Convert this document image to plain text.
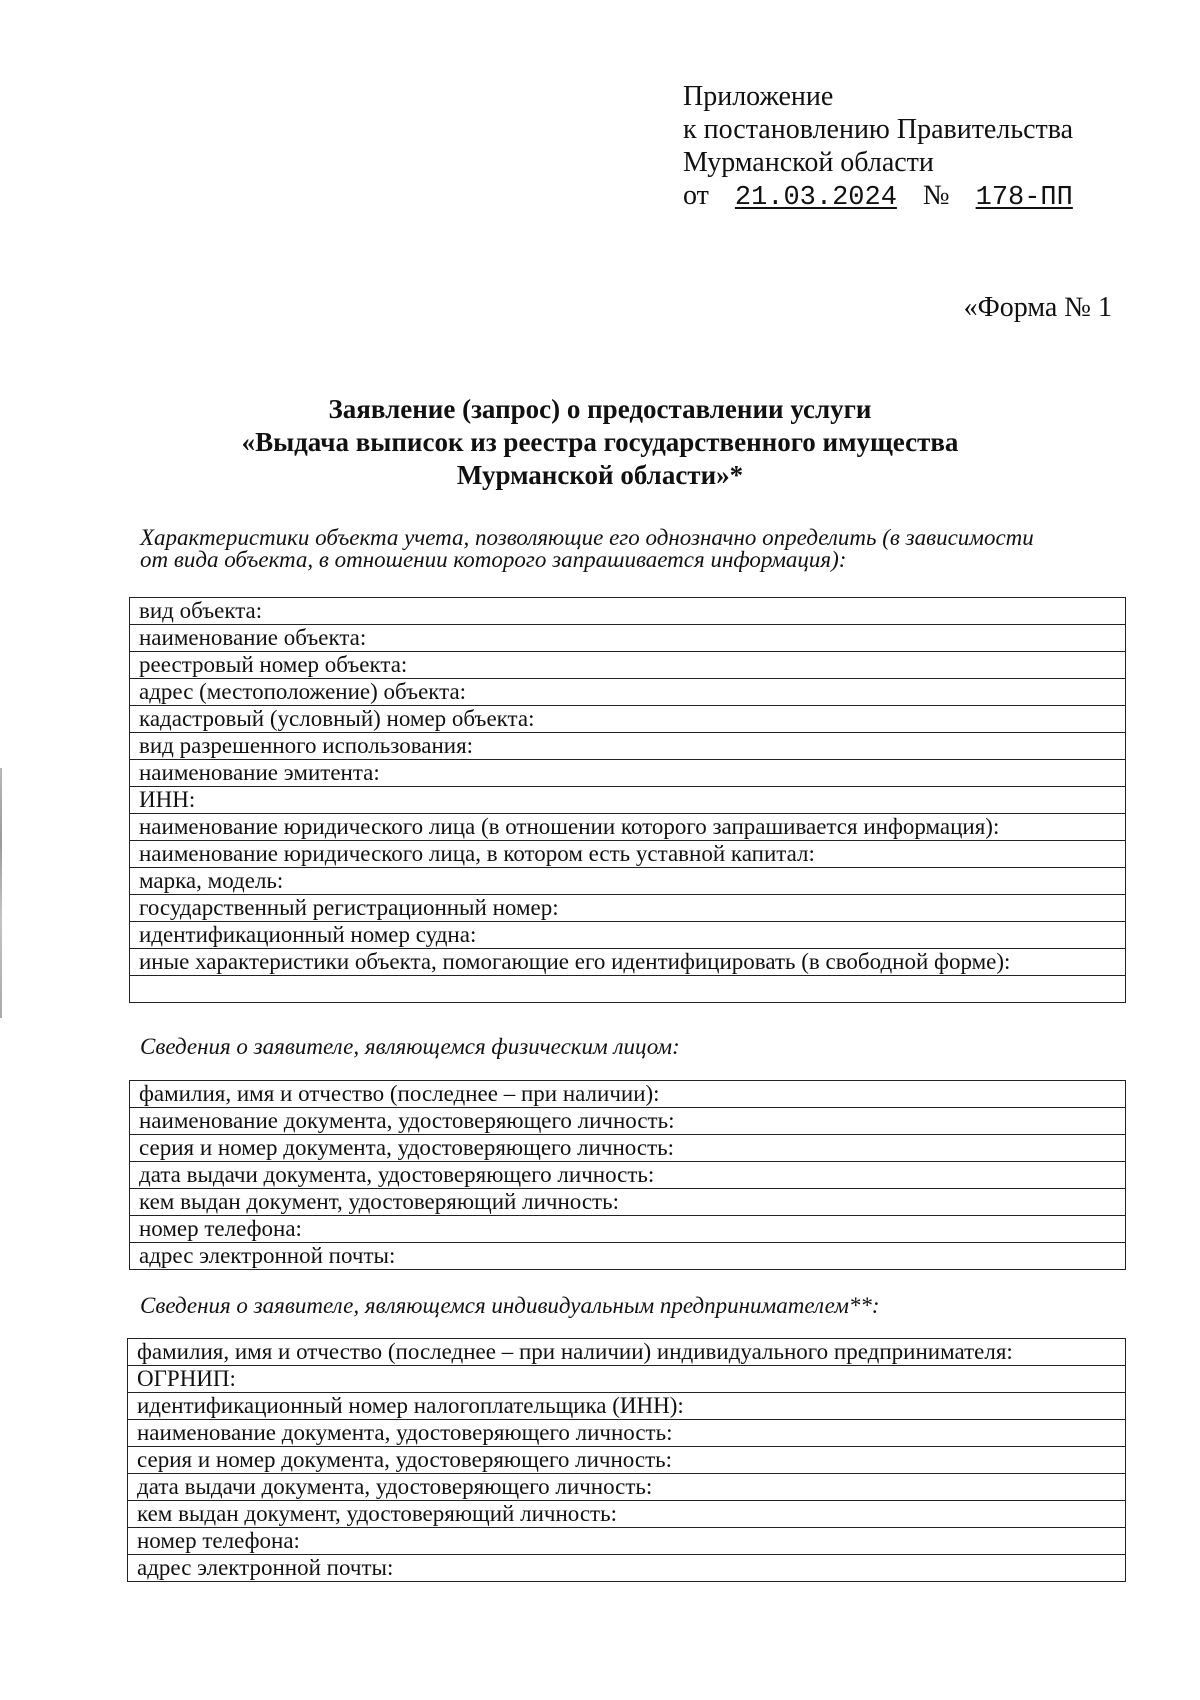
Приложение
к постановлению Правительства
Мурманской области
от 21.03.2024 № 178-ПП
«Форма № 1
Заявление (запрос) о предоставлении услуги
«Выдача выписок из реестра государственного имущества
Мурманской области»*
Характеристики объекта учета, позволяющие его однозначно определить (в зависимости
от вида объекта, в отношении которого запрашивается информация):
вид объекта:
наименование объекта:
реестровый номер объекта:
адрес (местоположение) объекта:
кадастровый (условный) номер объекта:
вид разрешенного использования:
наименование эмитента:
ИНН:
наименование юридического лица (в отношении которого запрашивается информация):
наименование юридического лица, в котором есть уставной капитал:
марка, модель:
государственный регистрационный номер:
идентификационный номер судна:
иные характеристики объекта, помогающие его идентифицировать (в свободной форме):

Сведения о заявителе, являющемся физическим лицом:
фамилия, имя и отчество (последнее – при наличии):
наименование документа, удостоверяющего личность:
серия и номер документа, удостоверяющего личность:
дата выдачи документа, удостоверяющего личность:
кем выдан документ, удостоверяющий личность:
номер телефона:
адрес электронной почты:
Сведения о заявителе, являющемся индивидуальным предпринимателем**:
фамилия, имя и отчество (последнее – при наличии) индивидуального предпринимателя:
ОГРНИП:
идентификационный номер налогоплательщика (ИНН):
наименование документа, удостоверяющего личность:
серия и номер документа, удостоверяющего личность:
дата выдачи документа, удостоверяющего личность:
кем выдан документ, удостоверяющий личность:
номер телефона:
адрес электронной почты:
